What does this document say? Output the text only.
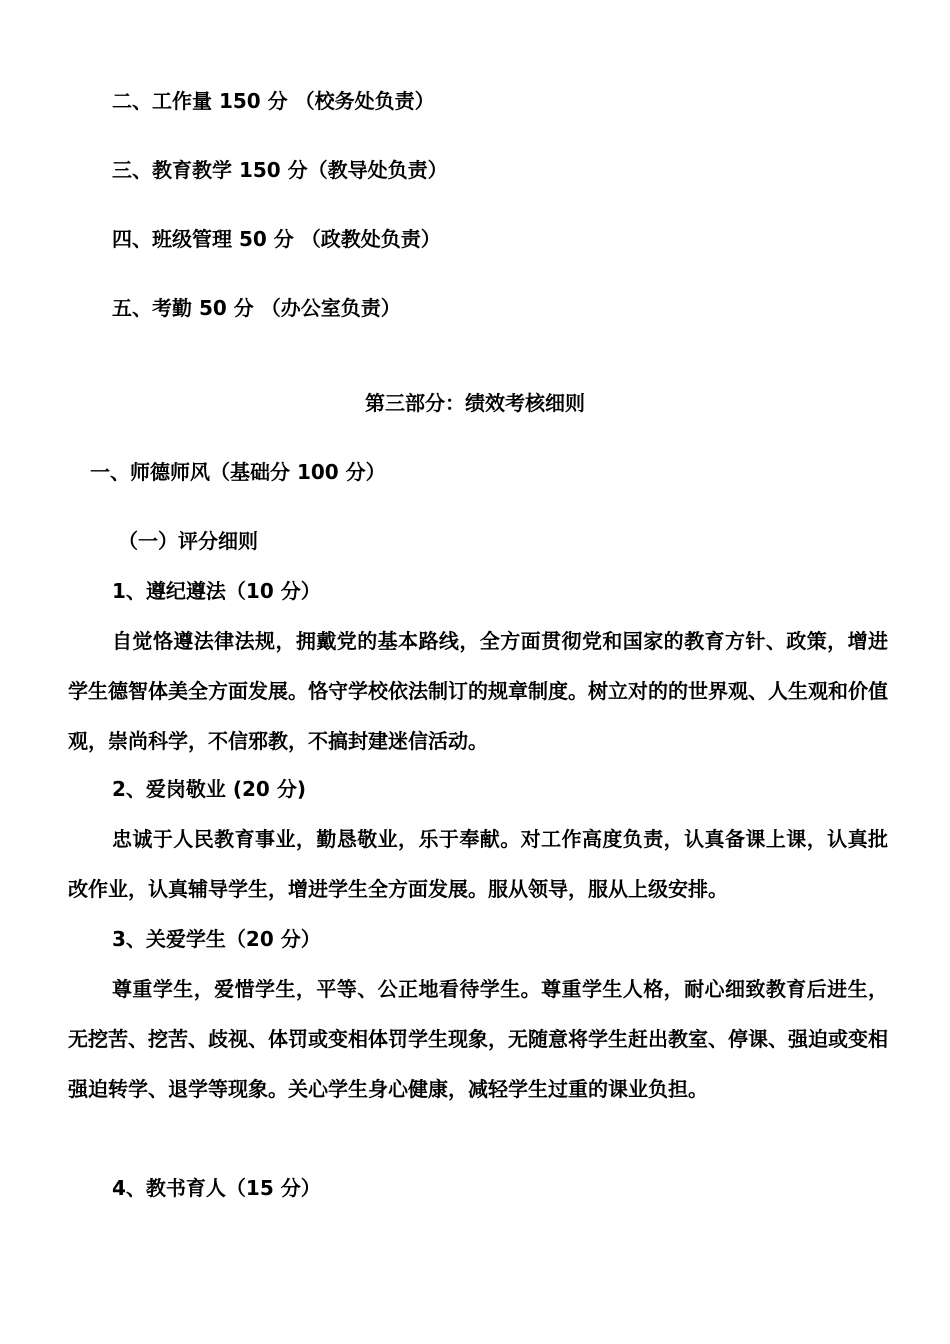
二、工作量 150 分 （校务处负责）
三、教育教学 150 分（教导处负责）
四、班级管理 50 分 （政教处负责）
五、考勤 50 分 （办公室负责）
第三部分：绩效考核细则
一、师德师风（基础分 100 分）
（一）评分细则
1、遵纪遵法（10 分）
自觉恪遵法律法规，拥戴党的基本路线，全方面贯彻党和国家的教育方针、政策，增进学生德智体美全方面发展。恪守学校依法制订的规章制度。树立对的的世界观、人生观和价值观，崇尚科学，不信邪教，不搞封建迷信活动。
2、爱岗敬业 (20 分)
忠诚于人民教育事业，勤恳敬业，乐于奉献。对工作高度负责，认真备课上课，认真批改作业，认真辅导学生，增进学生全方面发展。服从领导，服从上级安排。
3、关爱学生（20 分）
尊重学生，爱惜学生，平等、公正地看待学生。尊重学生人格，耐心细致教育后进生，无挖苦、挖苦、歧视、体罚或变相体罚学生现象，无随意将学生赶出教室、停课、强迫或变相强迫转学、退学等现象。关心学生身心健康，减轻学生过重的课业负担。
4、教书育人（15 分）
